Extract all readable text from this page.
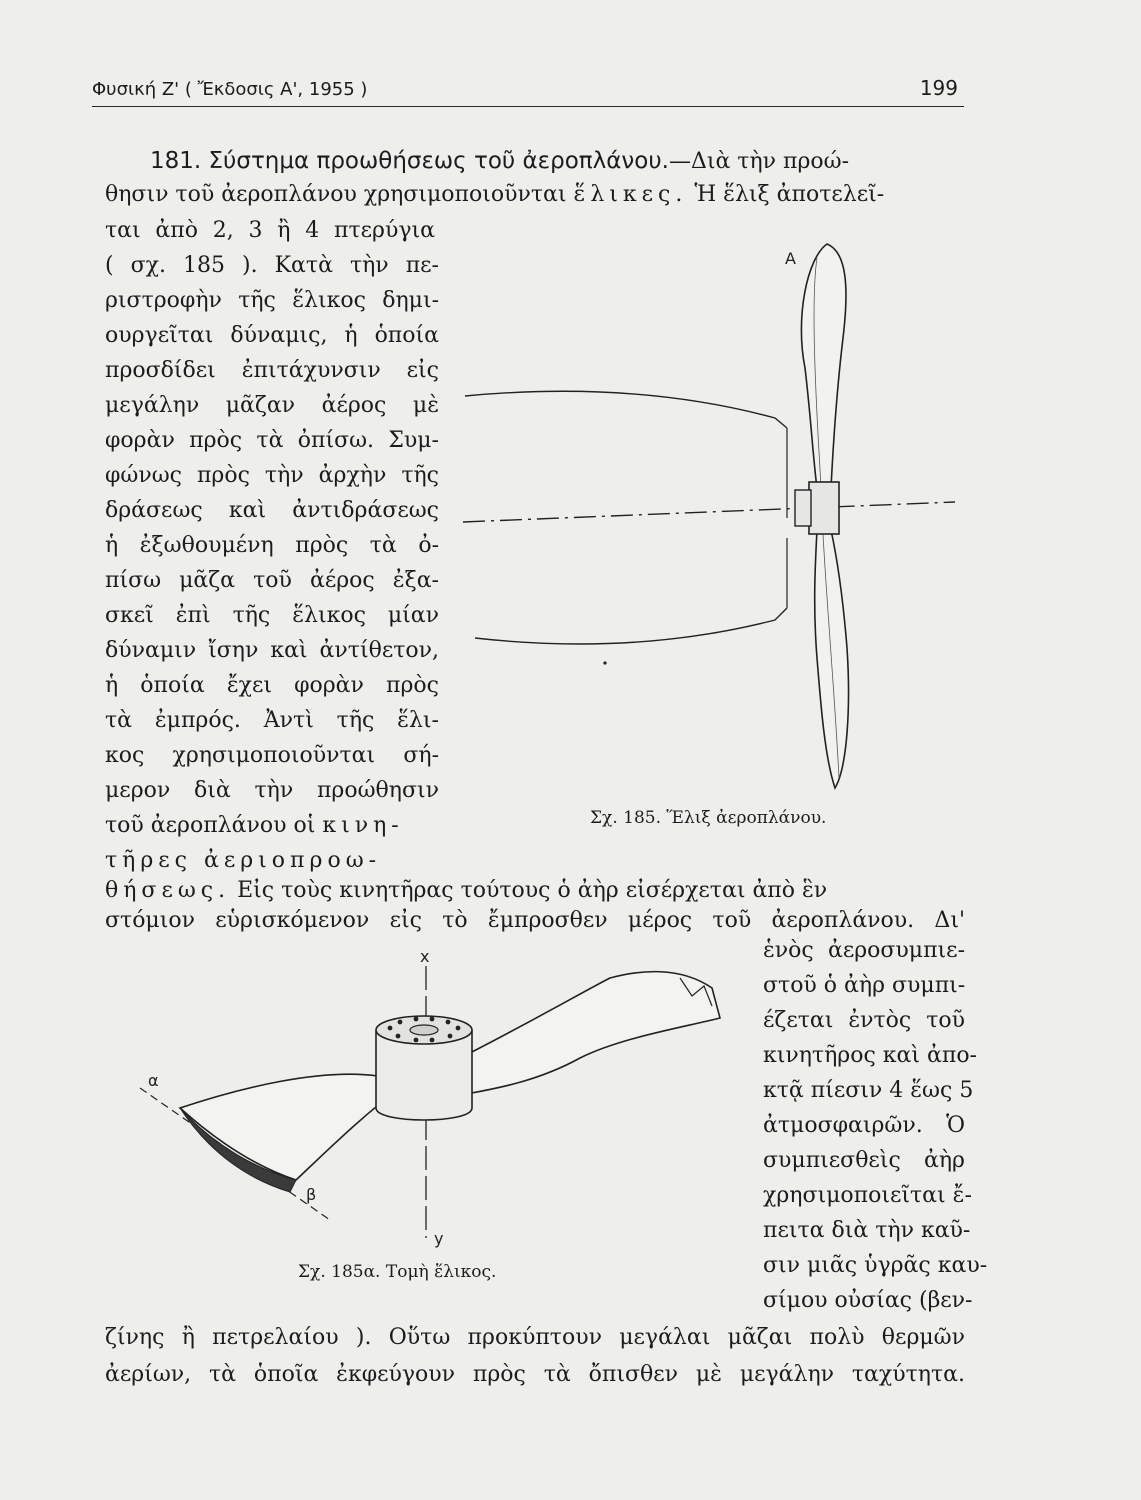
Φυσική Ζ' ( Ἔκδοσις Α', 1955 )	199
181. Σύστημα προωθήσεως τοῦ ἀεροπλάνου.—Διὰ τὴν προώ-
θησιν τοῦ ἀεροπλάνου χρησιμοποιοῦνται ἕλικες. Ἡ ἕλιξ ἀποτελεῖ-
ται ἀπὸ 2, 3 ἢ 4 πτερύγια
( σχ. 185 ). Κατὰ τὴν πε-
ριστροφὴν τῆς ἕλικος δημι-
ουργεῖται δύναμις, ἡ ὁποία
προσδίδει ἐπιτάχυνσιν εἰς
μεγάλην μᾶζαν ἀέρος μὲ
φορὰν πρὸς τὰ ὀπίσω. Συμ-
φώνως πρὸς τὴν ἀρχὴν τῆς
δράσεως καὶ ἀντιδράσεως
ἡ ἐξωθουμένη πρὸς τὰ ὀ-
πίσω μᾶζα τοῦ ἀέρος ἐξα-
σκεῖ ἐπὶ τῆς ἕλικος μίαν
δύναμιν ἴσην καὶ ἀντίθετον,
ἡ ὁποία ἔχει φορὰν πρὸς
τὰ ἐμπρός. Ἀντὶ τῆς ἕλι-
κος χρησιμοποιοῦνται σή-
μερον διὰ τὴν προώθησιν
τοῦ ἀεροπλάνου οἱ κινη-
τῆρες ἀεριοπροω-
θήσεως. Εἰς τοὺς κινητῆρας τούτους ὁ ἀὴρ εἰσέρχεται ἀπὸ ἓν
στόμιον εὑρισκόμενον εἰς τὸ ἔμπροσθεν μέρος τοῦ ἀεροπλάνου. Δι'
ἑνὸς ἀεροσυμπιε-
στοῦ ὁ ἀὴρ συμπι-
έζεται ἐντὸς τοῦ
κινητῆρος καὶ ἀπο-
κτᾷ πίεσιν 4 ἕως 5
ἀτμοσφαιρῶν. Ὁ
συμπιεσθεὶς ἀὴρ
χρησιμοποιεῖται ἔ-
πειτα διὰ τὴν καῦ-
σιν μιᾶς ὑγρᾶς καυ-
σίμου οὐσίας (βεν-
ζίνης ἢ πετρελαίου ). Οὕτω προκύπτουν μεγάλαι μᾶζαι πολὺ θερμῶν
ἀερίων, τὰ ὁποῖα ἐκφεύγουν πρὸς τὰ ὄπισθεν μὲ μεγάλην ταχύτητα.
A
Σχ. 185. Ἕλιξ ἀεροπλάνου.
x
y
α
β
Σχ. 185α. Τομὴ ἕλικος.
